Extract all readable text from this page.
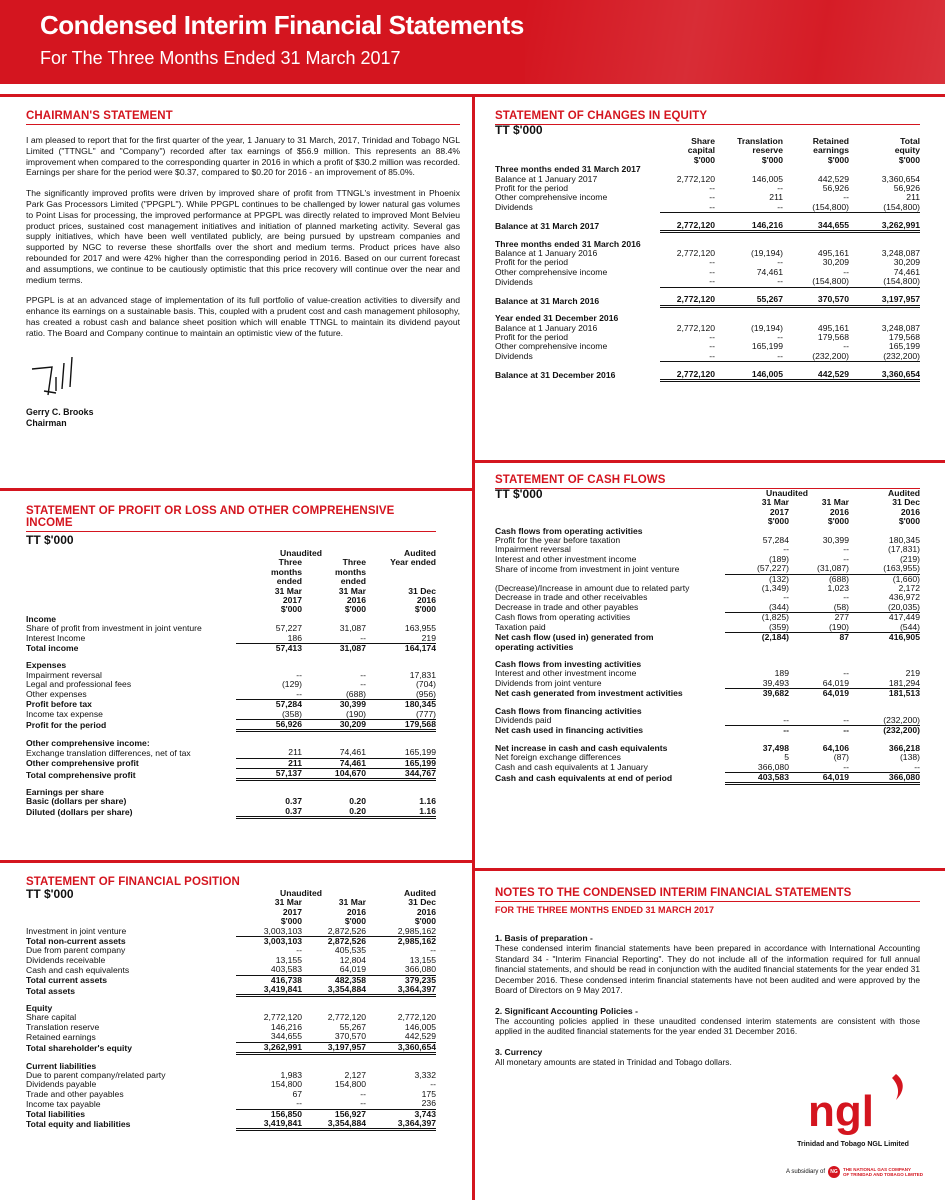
Condensed Interim Financial Statements
For The Three Months Ended 31 March 2017
CHAIRMAN'S STATEMENT

I am pleased to report that for the first quarter of the year, 1 January to 31 March, 2017, Trinidad and Tobago NGL Limited ("TTNGL" and "Company") recorded after tax earnings of $56.9 million. This represents an 88.4% improvement when compared to the corresponding quarter in 2016 in which a profit of $30.2 million was recorded. Earnings per share for the period were $0.37, compared to $0.20 for 2016 - an improvement of 85.0%.

The significantly improved profits were driven by improved share of profit from TTNGL's investment in Phoenix Park Gas Processors Limited ("PPGPL"). While PPGPL continues to be challenged by lower natural gas volumes to Point Lisas for processing, the improved performance at PPGPL was directly related to improved Mont Belvieu product prices, sustained cost management initiatives and initiation of planned marketing activity. Several gas supply initiatives, which have been well ventilated publicly, are being pursued by upstream companies and supported by NGC to reverse these shortfalls over the short and medium terms. Product prices have also rebounded for 2017 and were 42% higher than the corresponding period in 2016. Based on our current forecast and assumptions, we continue to be cautiously optimistic that this price recovery will continue over the near and medium terms.

PPGPL is at an advanced stage of implementation of its full portfolio of value-creation activities to diversify and enhance its earnings on a sustainable basis. This, coupled with a prudent cost and cash management philosophy, has created a robust cash and balance sheet position which will enable TTNGL to maintain its dividend payout ratio. The Board and Company continue to maintain an optimistic view of the future.

Gerry C. Brooks
Chairman
STATEMENT OF PROFIT OR LOSS AND OTHER COMPREHENSIVE INCOME
TT $'000
	Unaudited		Audited
	Three	Three	Year ended
	months	months	
	ended	ended	
	31 Mar	31 Mar	31 Dec
	2017	2016	2016
	$'000	$'000	$'000
Income			
Share of profit from investment in joint venture	57,227	31,087	163,955
Interest Income	186	--	219
Total income	57,413	31,087	164,174

Expenses			
Impairment reversal	--	--	17,831
Legal and professional fees	(129)	--	(704)
Other expenses	--	(688)	(956)
Profit before tax	57,284	30,399	180,345
Income tax expense	(358)	(190)	(777)
Profit for the period	56,926	30,209	179,568

Other comprehensive income:			
Exchange translation differences, net of tax	211	74,461	165,199
Other comprehensive profit	211	74,461	165,199
Total comprehensive profit	57,137	104,670	344,767

Earnings per share			
Basic (dollars per share)	0.37	0.20	1.16
Diluted (dollars per share)	0.37	0.20	1.16
STATEMENT OF FINANCIAL POSITION
TT $'000
		Unaudited		Audited
	31 Mar	31 Mar	31 Dec
	2017	2016	2016
	$'000	$'000	$'000
Investment in joint venture	3,003,103	2,872,526	2,985,162
Total non-current assets	3,003,103	2,872,526	2,985,162
Due from parent company	--	405,535	--
Dividends receivable	13,155	12,804	13,155
Cash and cash equivalents	403,583	64,019	366,080
Total current assets	416,738	482,358	379,235
Total assets	3,419,841	3,354,884	3,364,397

Equity			
Share capital	2,772,120	2,772,120	2,772,120
Translation reserve	146,216	55,267	146,005
Retained earnings	344,655	370,570	442,529
Total shareholder's equity	3,262,991	3,197,957	3,360,654

Current liabilities			
Due to parent company/related party	1,983	2,127	3,332
Dividends payable	154,800	154,800	--
Trade and other payables	67	--	175
Income tax payable	--	--	236
Total liabilities	156,850	156,927	3,743
Total equity and liabilities	3,419,841	3,354,884	3,364,397
STATEMENT OF CHANGES IN EQUITY
TT $'000
	Share	Translation	Retained	Total
	capital	reserve	earnings	equity
	$'000	$'000	$'000	$'000
Three months ended 31 March 2017				
Balance at 1 January 2017	2,772,120	146,005	442,529	3,360,654
Profit for the period	--	--	56,926	56,926
Other comprehensive income	--	211	--	211
Dividends	--	--	(154,800)	(154,800)

Balance at 31 March 2017	2,772,120	146,216	344,655	3,262,991

Three months ended 31 March 2016				
Balance at 1 January 2016	2,772,120	(19,194)	495,161	3,248,087
Profit for the period	--	--	30,209	30,209
Other comprehensive income	--	74,461	--	74,461
Dividends	--	--	(154,800)	(154,800)

Balance at 31 March 2016	2,772,120	55,267	370,570	3,197,957

Year ended 31 December 2016				
Balance at 1 January 2016	2,772,120	(19,194)	495,161	3,248,087
Profit for the period	--	--	179,568	179,568
Other comprehensive income	--	165,199	--	165,199
Dividends	--	--	(232,200)	(232,200)

Balance at 31 December 2016	2,772,120	146,005	442,529	3,360,654
STATEMENT OF CASH FLOWS
TT $'000
		Unaudited		Audited
	31 Mar	31 Mar	31 Dec
	2017	2016	2016
	$'000	$'000	$'000
Cash flows from operating activities			
Profit for the year before taxation	57,284	30,399	180,345
Impairment reversal	--	--	(17,831)
Interest and other investment income	(189)	--	(219)
Share of income from investment in joint venture	(57,227)	(31,087)	(163,955)
	(132)	(688)	(1,660)
(Decrease)/Increase in amount due to related party	(1,349)	1,023	2,172
Decrease in trade and other receivables	--	--	436,972
Decrease in trade and other payables	(344)	(58)	(20,035)
Cash flows from operating activities	(1,825)	277	417,449
Taxation paid	(359)	(190)	(544)
Net cash flow (used in) generated from	(2,184)	87	416,905
operating activities			

Cash flows from investing activities			
Interest and other investment income	189	--	219
Dividends from joint venture	39,493	64,019	181,294
Net cash generated from investment activities	39,682	64,019	181,513

Cash flows from financing activities			
Dividends paid	--	--	(232,200)
Net cash used in financing activities	--	--	(232,200)

Net increase in cash and cash equivalents	37,498	64,106	366,218
Net foreign exchange differences	5	(87)	(138)
Cash and cash equivalents at 1 January	366,080	--	--
Cash and cash equivalents at end of period	403,583	64,019	366,080
NOTES TO THE CONDENSED INTERIM FINANCIAL STATEMENTS
FOR THE THREE MONTHS ENDED 31 MARCH 2017
1. Basis of preparation -
These condensed interim financial statements have been prepared in accordance with International Accounting Standard 34 - "Interim Financial Reporting". They do not include all of the information required for full annual financial statements, and should be read in conjunction with the audited financial statements for the year ended 31 December 2016. These condensed interim financial statements have not been audited and were approved by the Board of Directors on 9 May 2017.
2. Significant Accounting Policies -
The accounting policies applied in these unaudited condensed interim statements are consistent with those applied in the audited financial statements for the year ended 31 December 2016.
3. Currency
All monetary amounts are stated in Trinidad and Tobago dollars.
ngl
Trinidad and Tobago NGL Limited
A subsidiary of	NG	THE NATIONAL GAS COMPANY
OF TRINIDAD AND TOBAGO LIMITED
